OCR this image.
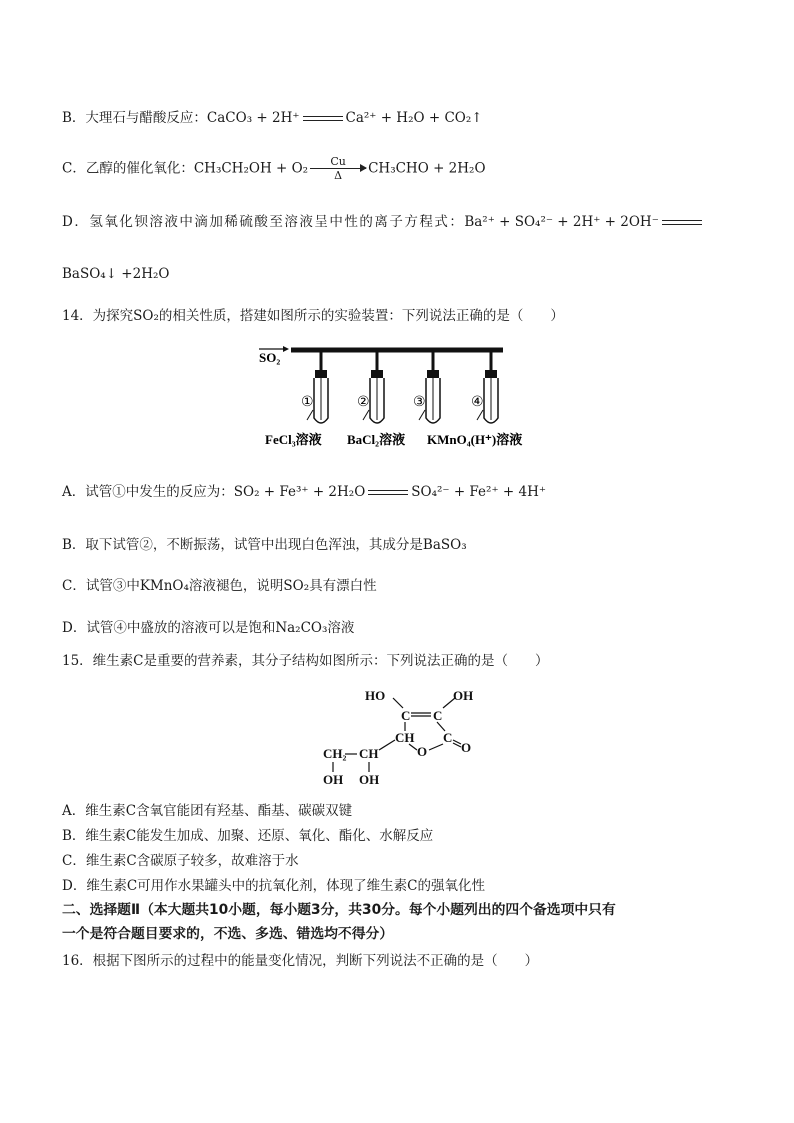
B．大理石与醋酸反应：CaCO₃ + 2H⁺	Ca²⁺ + H₂O + CO₂↑
C．乙醇的催化氧化：$CH_3CH_2OH + O_2 \frac{Cu}{\Delta} CH_3CHO + 2H_2O$
D．氢氧化钡溶液中滴加稀硫酸至溶液呈中性的离子方程式：Ba²⁺ + SO₄²⁻ + 2H⁺ + 2OH⁻
BaSO₄↓ +2H₂O
14．为探究SO₂的相关性质，搭建如图所示的实验装置：下列说法正确的是（　　）
SO₂
①	②	③	④
FeCl₃溶液 BaCl₂溶液 KMnO₄(H⁺)溶液
A．试管①中发生的反应为：SO₂ + Fe³⁺ + 2H₂O	SO₄²⁻ + Fe²⁺ + 4H⁺
B．取下试管②，不断振荡，试管中出现白色浑浊，其成分是BaSO₃
C．试管③中KMnO₄溶液褪色，说明SO₂具有漂白性
D．试管④中盛放的溶液可以是饱和Na₂CO₃溶液
15．维生素C是重要的营养素，其分子结构如图所示：下列说法正确的是（　　）
HO	OH
C C
CH C
O
O
CH₂ CH
OH OH
A．维生素C含氧官能团有羟基、酯基、碳碳双键
B．维生素C能发生加成、加聚、还原、氧化、酯化、水解反应
C．维生素C含碳原子较多，故难溶于水
D．维生素C可用作水果罐头中的抗氧化剂，体现了维生素C的强氧化性
二、选择题Ⅱ（本大题共10小题，每小题3分，共30分。每个小题列出的四个备选项中只有
一个是符合题目要求的，不选、多选、错选均不得分）
16．根据下图所示的过程中的能量变化情况，判断下列说法不正确的是（　　）
